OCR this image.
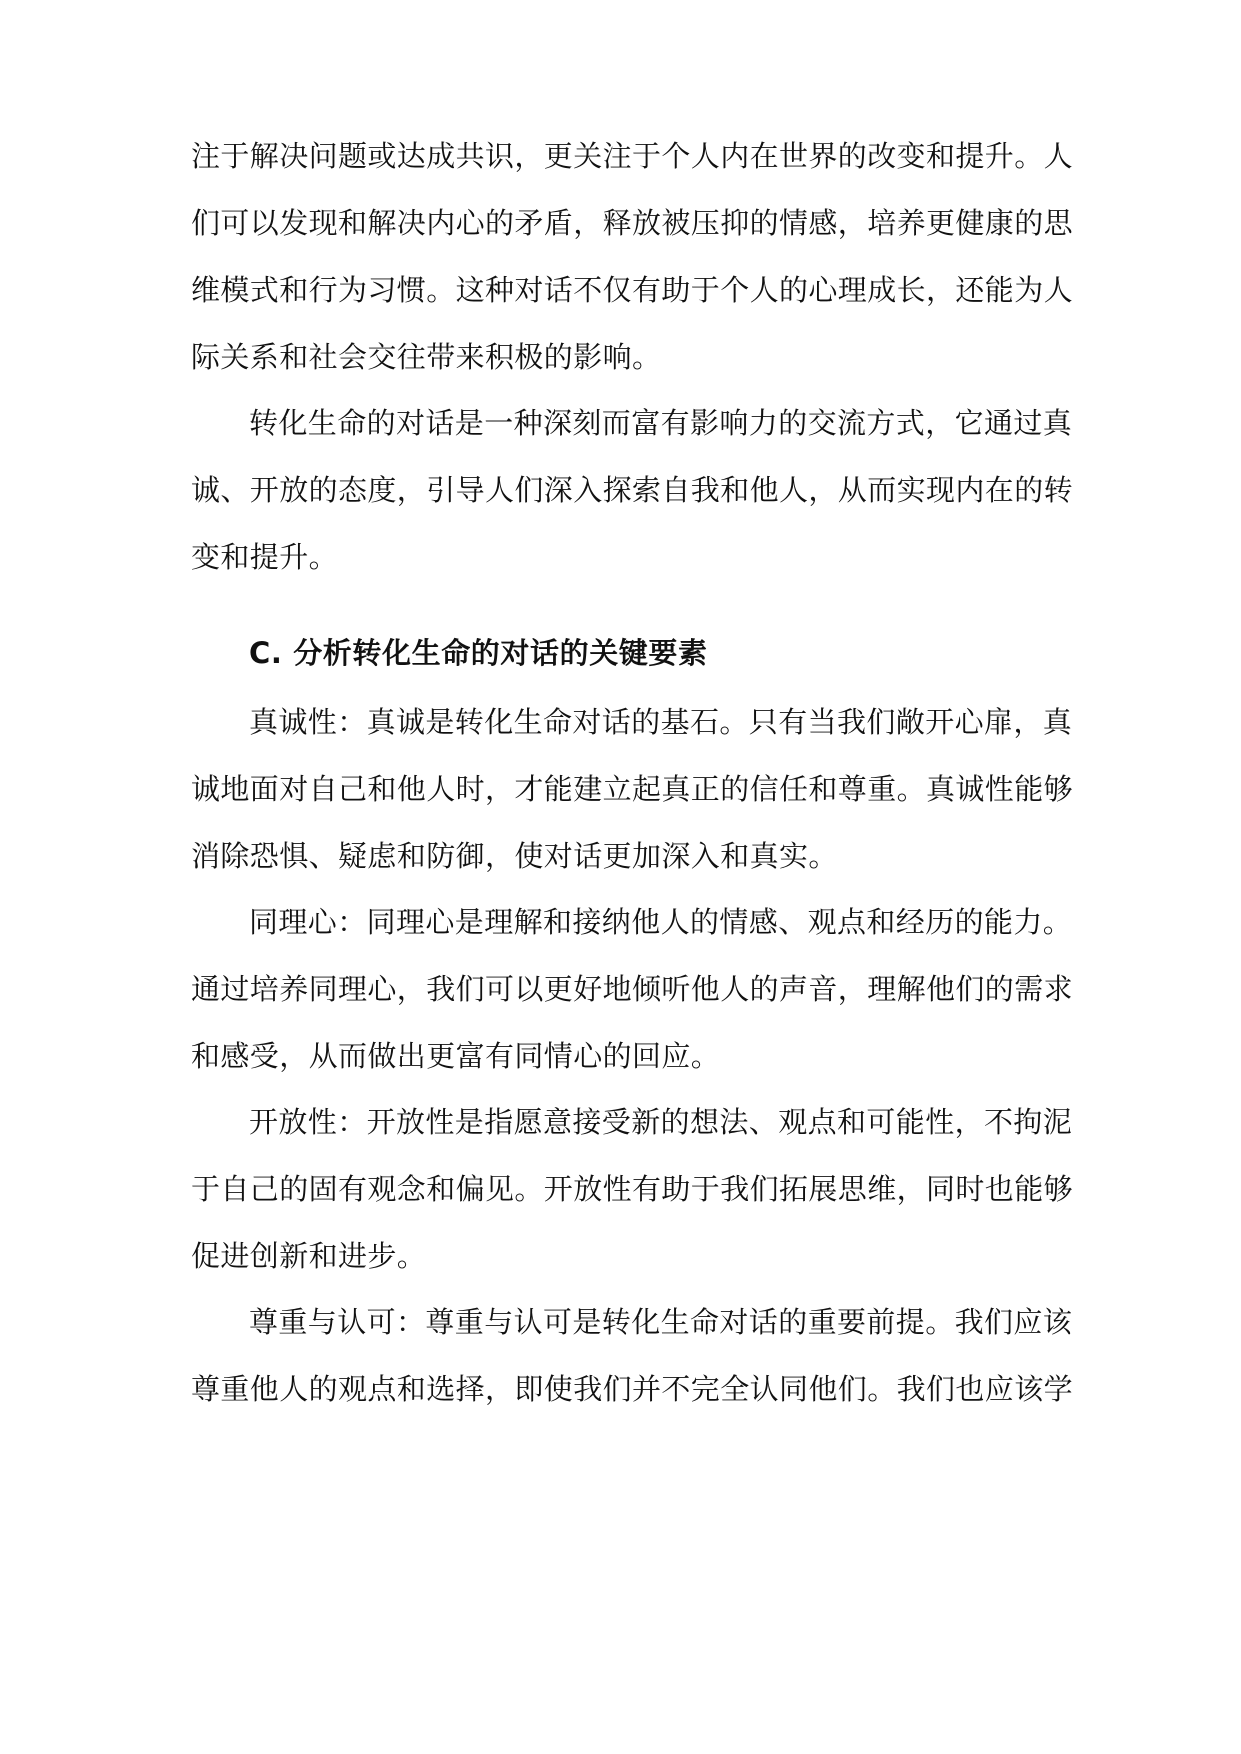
注于解决问题或达成共识，更关注于个人内在世界的改变和提升。人
们可以发现和解决内心的矛盾，释放被压抑的情感，培养更健康的思
维模式和行为习惯。这种对话不仅有助于个人的心理成长，还能为人
际关系和社会交往带来积极的影响。
转化生命的对话是一种深刻而富有影响力的交流方式，它通过真
诚、开放的态度，引导人们深入探索自我和他人，从而实现内在的转
变和提升。
C. 分析转化生命的对话的关键要素
真诚性：真诚是转化生命对话的基石。只有当我们敞开心扉，真
诚地面对自己和他人时，才能建立起真正的信任和尊重。真诚性能够
消除恐惧、疑虑和防御，使对话更加深入和真实。
同理心：同理心是理解和接纳他人的情感、观点和经历的能力。
通过培养同理心，我们可以更好地倾听他人的声音，理解他们的需求
和感受，从而做出更富有同情心的回应。
开放性：开放性是指愿意接受新的想法、观点和可能性，不拘泥
于自己的固有观念和偏见。开放性有助于我们拓展思维，同时也能够
促进创新和进步。
尊重与认可：尊重与认可是转化生命对话的重要前提。我们应该
尊重他人的观点和选择，即使我们并不完全认同他们。我们也应该学
